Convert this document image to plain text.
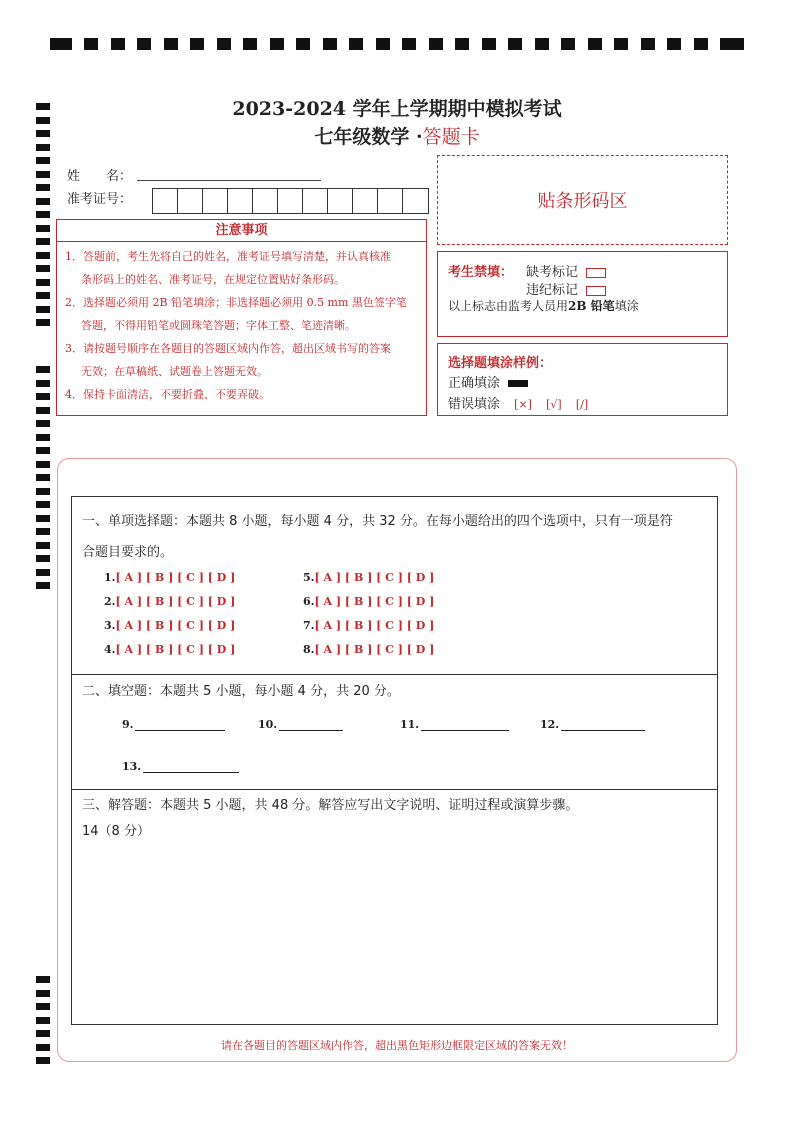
2023-2024 学年上学期期中模拟考试
七年级数学 ·答题卡
姓　　名：
准考证号：	贴条形码区
注意事项
1．答题前，考生先将自己的姓名，准考证号填写清楚，并认真核准
条形码上的姓名、准考证号，在规定位置贴好条形码。
2．选择题必须用 2B 铅笔填涂；非选择题必须用 0.5 mm 黑色签字笔
答题，不得用铅笔或圆珠笔答题；字体工整、笔迹清晰。
3．请按题号顺序在各题目的答题区域内作答，超出区域书写的答案
无效；在草稿纸、试题卷上答题无效。
4．保持卡面清洁，不要折叠、不要弄破。
考生禁填： 缺考标记
违纪标记
以上标志由监考人员用2B 铅笔填涂
选择题填涂样例：
正确填涂
错误填涂 [×] [√] [/]
一、单项选择题：本题共 8 小题，每小题 4 分，共 32 分。在每小题给出的四个选项中，只有一项是符
合题目要求的。
1.[ A ] [ B ] [ C ] [ D ]
2.[ A ] [ B ] [ C ] [ D ]
3.[ A ] [ B ] [ C ] [ D ]
4.[ A ] [ B ] [ C ] [ D ]
5.[ A ] [ B ] [ C ] [ D ]
6.[ A ] [ B ] [ C ] [ D ]
7.[ A ] [ B ] [ C ] [ D ]
8.[ A ] [ B ] [ C ] [ D ]
二、填空题：本题共 5 小题，每小题 4 分，共 20 分。
9.	10.	11.	12.
13.
三、解答题：本题共 5 小题，共 48 分。解答应写出文字说明、证明过程或演算步骤。
14（8 分）
请在各题目的答题区域内作答，超出黑色矩形边框限定区域的答案无效！
